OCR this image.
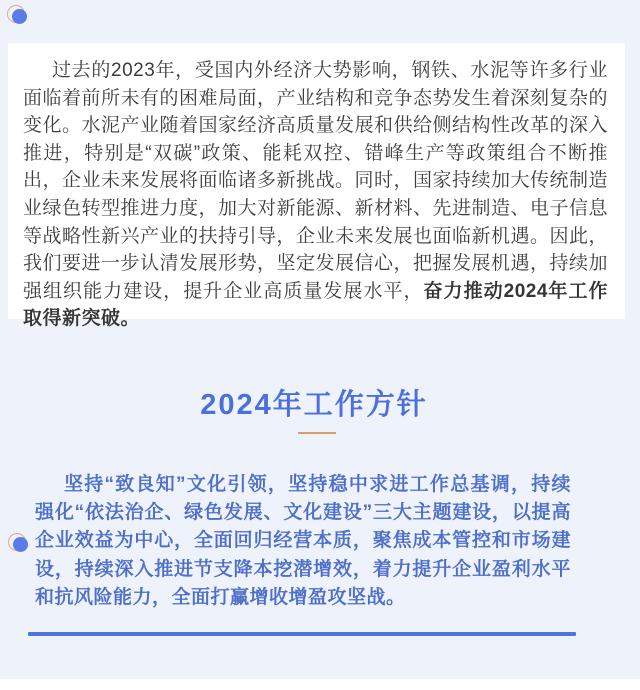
过去的2023年，受国内外经济大势影响，钢铁、水泥等许多行业面临着前所未有的困难局面，产业结构和竞争态势发生着深刻复杂的变化。水泥产业随着国家经济高质量发展和供给侧结构性改革的深入推进，特别是“双碳”政策、能耗双控、错峰生产等政策组合不断推出，企业未来发展将面临诸多新挑战。同时，国家持续加大传统制造业绿色转型推进力度，加大对新能源、新材料、先进制造、电子信息等战略性新兴产业的扶持引导，企业未来发展也面临新机遇。因此，我们要进一步认清发展形势，坚定发展信心，把握发展机遇，持续加强组织能力建设，提升企业高质量发展水平，奋力推动2024年工作取得新突破。

2024年工作方针

坚持“致良知”文化引领，坚持稳中求进工作总基调，持续强化“依法治企、绿色发展、文化建设”三大主题建设，以提高企业效益为中心，全面回归经营本质，聚焦成本管控和市场建设，持续深入推进节支降本挖潜增效，着力提升企业盈利水平和抗风险能力，全面打赢增收增盈攻坚战。
